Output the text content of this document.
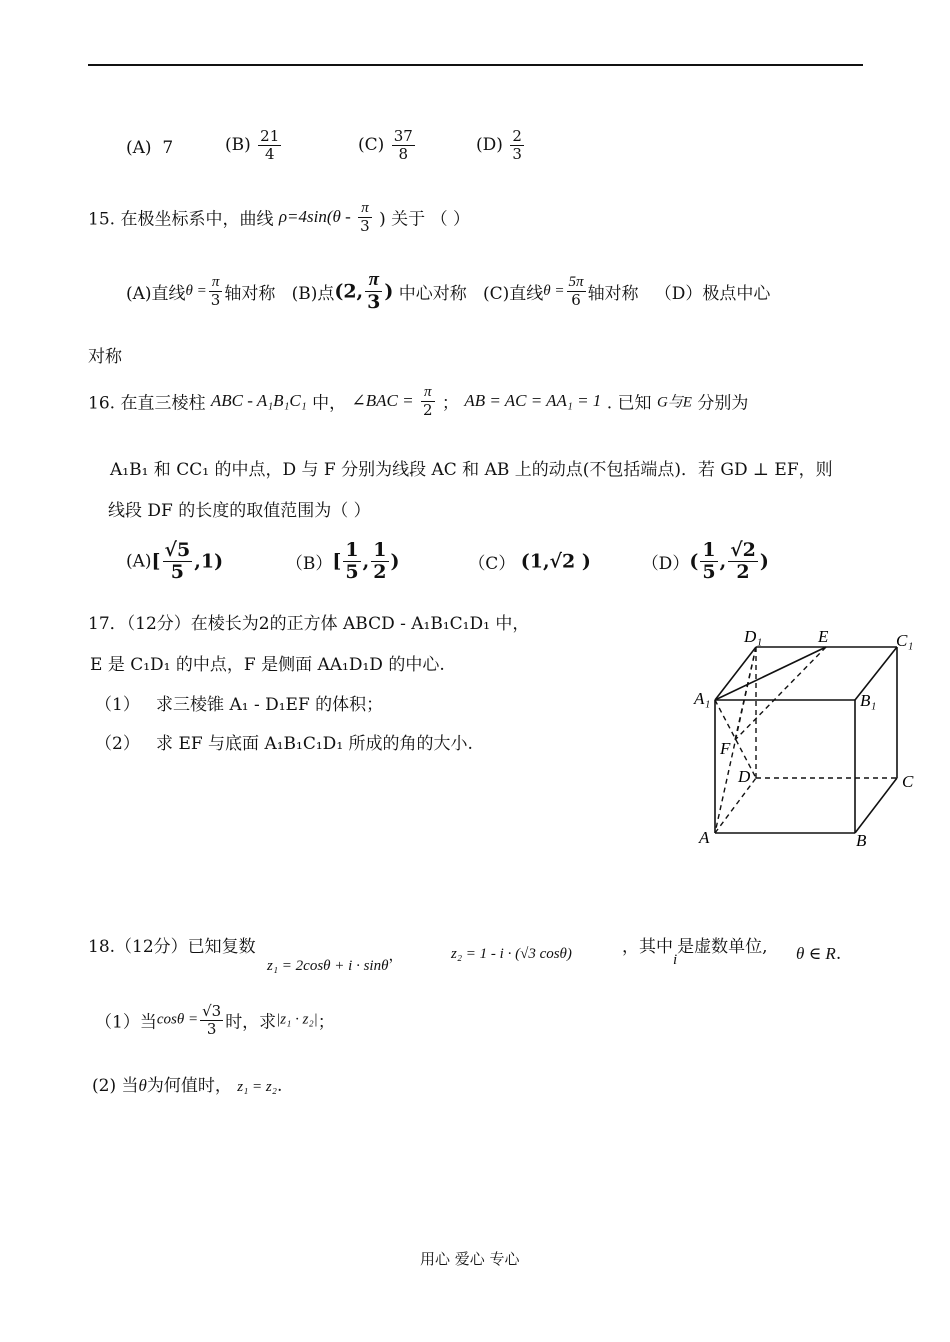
(A) 7	$(B) \frac{21}{4}$	$(C) \frac{37}{8}$	$(D) \frac{2}{3}$
15. 在极坐标系中，曲线 $\rho=4\sin(\theta - \frac{\pi}{3}$ ) 关于 （ ）
(A)直线$\theta = \frac{\pi}{3}$ 轴对称 (B)点(2, $\frac{\pi}{3}$ ) 中心对称 (C)直线$\theta = \frac{5\pi}{6}$ 轴对称 （D）极点中心
对称
16. 在直三棱柱 ABC - A₁B₁C₁ 中， ∠BAC = $\frac{\pi}{2}$ ； AB = AC = AA₁ = 1 . 已知 G与E 分别为
A₁B₁ 和 CC₁ 的中点，D 与 F 分别为线段 AC 和 AB 上的动点(不包括端点)．若 GD ⊥ EF，则
线段 DF 的长度的取值范围为（ ）
$(A)[ \frac{√5}{5} ,1)$	$(B)[ \frac{1}{5}$ , $\frac{1}{2}$ )	（C） (1,√2 )	$(D)( \frac{1}{5}$ , $\frac{√2}{2}$ )
17．（12分）在棱长为2的正方体 ABCD - A₁B₁C₁D₁ 中，
E 是 C₁D₁ 的中点，F 是侧面 AA₁D₁D 的中心.
（1） 求三棱锥 A₁ - D₁EF 的体积；
（2） 求 EF 与底面 A₁B₁C₁D₁ 所成的角的大小.
D₁	E	C₁
A₁	B₁
F
D	C
A	B
18.（12分）已知复数
z₁ = 2cosθ + i · sinθ，	z₂ = 1 - i · (√3 cosθ)	，其中i是虚数单位, θ ∈ R.
（1）当$\cos\theta = \frac{√3}{3}$ 时，求|z₁ · z₂|；
(2) 当θ为何值时， z₁ = z₂.
用心 爱心 专心
